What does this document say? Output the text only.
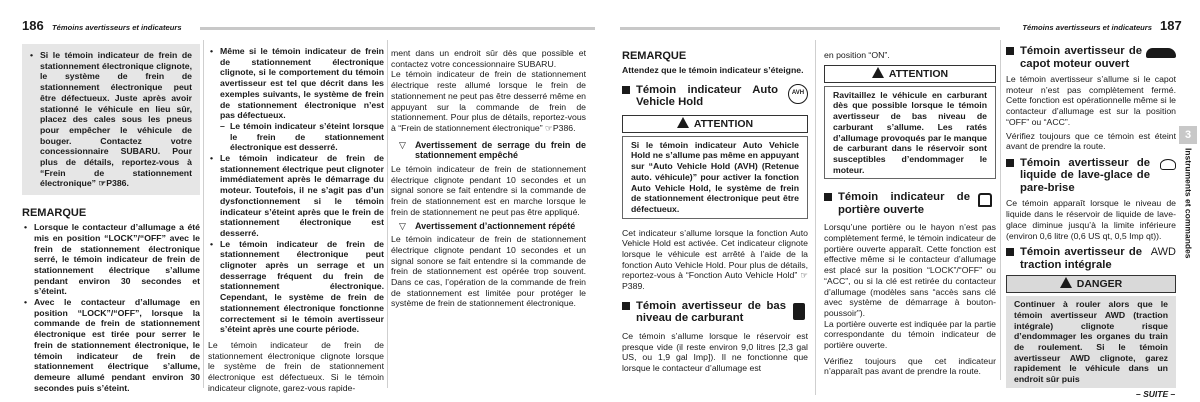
186 Témoins avertisseurs et indicateurs

• Si le témoin indicateur de frein de stationnement électronique clignote, le système de frein de stationnement électronique peut être défectueux. Juste après avoir stationné le véhicule en lieu sûr, placez des cales sous les pneus pour empêcher le véhicule de bouger. Contactez votre concessionnaire SUBARU. Pour plus de détails, reportez-vous à “Frein de stationnement électronique” ☞P386.

REMARQUE

• Lorsque le contacteur d’allumage a été mis en position “LOCK”/“OFF” avec le frein de stationnement électronique serré, le témoin indicateur de frein de stationnement électrique s’allume pendant environ 30 secondes et s’éteint.

• Avec le contacteur d’allumage en position “LOCK”/“OFF”, lorsque la commande de frein de stationnement électronique est tirée pour serrer le frein de stationnement électronique, le témoin indicateur de frein de stationnement électrique s’allume, demeure allumé pendant environ 30 secondes puis s’éteint.

• Même si le témoin indicateur de frein de stationnement électronique clignote, si le comportement du témoin avertisseur est tel que décrit dans les exemples suivants, le système de frein de stationnement électronique n’est pas défectueux.

– Le témoin indicateur s’éteint lorsque le frein de stationnement électronique est desserré.

• Le témoin indicateur de frein de stationnement électrique peut clignoter immédiatement après le démarrage du moteur. Toutefois, il ne s’agit pas d’un dysfonctionnement si le témoin indicateur s’éteint après que le frein de stationnement électronique est desserré.

• Le témoin indicateur de frein de stationnement électronique peut clignoter après un serrage et un desserrage fréquent du frein de stationnement électronique. Cependant, le système de frein de stationnement électronique fonctionne correctement si le témoin avertisseur s’éteint après une courte période.

Le témoin indicateur de frein de stationnement électronique clignote lorsque le système de frein de stationnement électronique est défectueux. Si le témoin indicateur clignote, garez-vous rapide-

ment dans un endroit sûr dès que possible et contactez votre concessionnaire SUBARU.

Le témoin indicateur de frein de stationnement électrique reste allumé lorsque le frein de stationnement ne peut pas être desserré même en appuyant sur la commande de frein de stationnement. Pour plus de détails, reportez-vous à “Frein de stationnement électronique” ☞P386.

▽ Avertissement de serrage du frein de stationnement empêché

Le témoin indicateur de frein de stationnement électrique clignote pendant 10 secondes et un signal sonore se fait entendre si la commande de frein de stationnement est en marche lorsque le frein de stationnement ne peut pas être appliqué.

▽ Avertissement d’actionnement répété

Le témoin indicateur de frein de stationnement électrique clignote pendant 10 secondes et un signal sonore se fait entendre si la commande de frein de stationnement est opérée trop souvent. Dans ce cas, l’opération de la commande de frein de stationnement est limitée pour protéger le système de frein de stationnement électronique.

Témoins avertisseurs et indicateurs 187
3
Instruments et commandes

REMARQUE

Attendez que le témoin indicateur s’éteigne.

Témoin indicateur Auto Vehicle Hold
AVH
ATTENTION
Si le témoin indicateur Auto Vehicle Hold ne s’allume pas même en appuyant sur “Auto Vehicle Hold (AVH) (Retenue auto. véhicule)” pour activer la fonction Auto Vehicle Hold, le système de frein de stationnement électronique peut être défectueux.

Cet indicateur s’allume lorsque la fonction Auto Vehicle Hold est activée. Cet indicateur clignote lorsque le véhicule est arrêté à l’aide de la fonction Auto Vehicle Hold. Pour plus de détails, reportez-vous à “Fonction Auto Vehicle Hold” ☞P389.

Témoin avertisseur de bas niveau de carburant

Ce témoin s’allume lorsque le réservoir est presque vide (il reste environ 9,0 litres [2,3 gal US, ou 1,9 gal Imp]). Il ne fonctionne que lorsque le contacteur d’allumage est

en position “ON”.

ATTENTION
Ravitaillez le véhicule en carburant dès que possible lorsque le témoin avertisseur de bas niveau de carburant s’allume. Les ratés d’allumage provoqués par le manque de carburant dans le réservoir sont susceptibles d’endommager le moteur.
Témoin indicateur de portière ouverte

Lorsqu’une portière ou le hayon n’est pas complètement fermé, le témoin indicateur de portière ouverte apparaît. Cette fonction est effective même si le contacteur d’allumage est placé sur la position “LOCK”/“OFF” ou “ACC”, ou si la clé est retirée du contacteur d’allumage (modèles sans “accès sans clé avec système de démarrage à bouton-poussoir”).

La portière ouverte est indiquée par la partie correspondante du témoin indicateur de portière ouverte.

Vérifiez toujours que cet indicateur n’apparaît pas avant de prendre la route.

Témoin avertisseur de capot moteur ouvert

Le témoin avertisseur s’allume si le capot moteur n’est pas complètement fermé. Cette fonction est opérationnelle même si le contacteur d’allumage est sur la position “OFF” ou “ACC”.

Vérifiez toujours que ce témoin est éteint avant de prendre la route.

Témoin avertisseur de liquide de lave-glace de pare-brise

Ce témoin apparaît lorsque le niveau de liquide dans le réservoir de liquide de lave-glace diminue jusqu’à la limite inférieure (environ 0,6 litre (0,6 US qt, 0,5 Imp qt)).

Témoin avertisseur de traction intégrale
AWD
DANGER
Continuer à rouler alors que le témoin avertisseur AWD (traction intégrale) clignote risque d’endommager les organes du train de roulement. Si le témoin avertisseur AWD clignote, garez rapidement le véhicule dans un endroit sûr puis
– SUITE –
